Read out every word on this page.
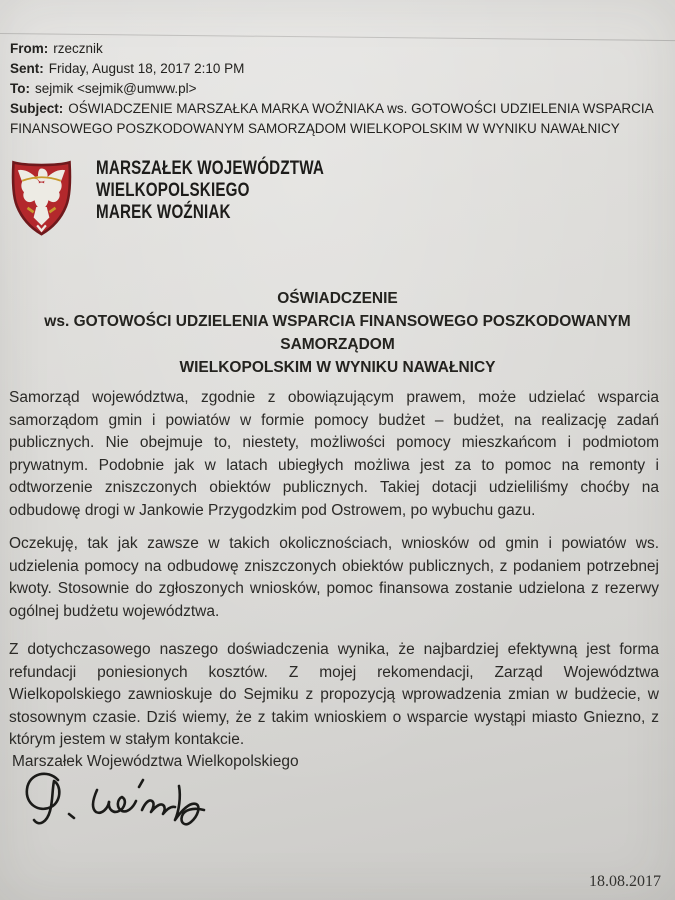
From: rzecznik

Sent: Friday, August 18, 2017 2:10 PM

To: sejmik <sejmik@umww.pl>

Subject: OŚWIADCZENIE MARSZAŁKA MARKA WOŹNIAKA ws. GOTOWOŚCI UDZIELENIA WSPARCIA FINANSOWEGO POSZKODOWANYM SAMORZĄDOM WIELKOPOLSKIM W WYNIKU NAWAŁNICY

MARSZAŁEK WOJEWÓDZTWA
WIELKOPOLSKIEGO
MAREK WOŹNIAK
OŚWIADCZENIE
ws. GOTOWOŚCI UDZIELENIA WSPARCIA FINANSOWEGO POSZKODOWANYM  SAMORZĄDOM
WIELKOPOLSKIM W WYNIKU NAWAŁNICY

Samorząd województwa, zgodnie z obowiązującym prawem, może udzielać wsparcia samorządom gmin i powiatów w formie pomocy budżet – budżet, na realizację zadań publicznych. Nie obejmuje to, niestety, możliwości pomocy mieszkańcom i podmiotom prywatnym. Podobnie jak w latach ubiegłych możliwa jest za to pomoc na remonty i odtworzenie zniszczonych obiektów publicznych. Takiej dotacji udzieliliśmy choćby na odbudowę drogi w Jankowie Przygodzkim pod Ostrowem, po wybuchu gazu.

Oczekuję, tak jak zawsze w takich okolicznościach, wniosków od gmin i powiatów ws. udzielenia pomocy na odbudowę zniszczonych obiektów publicznych, z podaniem potrzebnej kwoty. Stosownie do zgłoszonych wniosków, pomoc finansowa zostanie udzielona z rezerwy ogólnej budżetu województwa.

Z dotychczasowego naszego doświadczenia wynika, że najbardziej efektywną jest forma refundacji poniesionych kosztów. Z mojej rekomendacji, Zarząd Województwa Wielkopolskiego zawnioskuje do Sejmiku z propozycją wprowadzenia zmian w budżecie, w stosownym czasie. Dziś wiemy, że z takim wnioskiem o wsparcie wystąpi miasto Gniezno, z którym jestem w stałym kontakcie.

Marszałek Województwa Wielkopolskiego
18.08.2017
